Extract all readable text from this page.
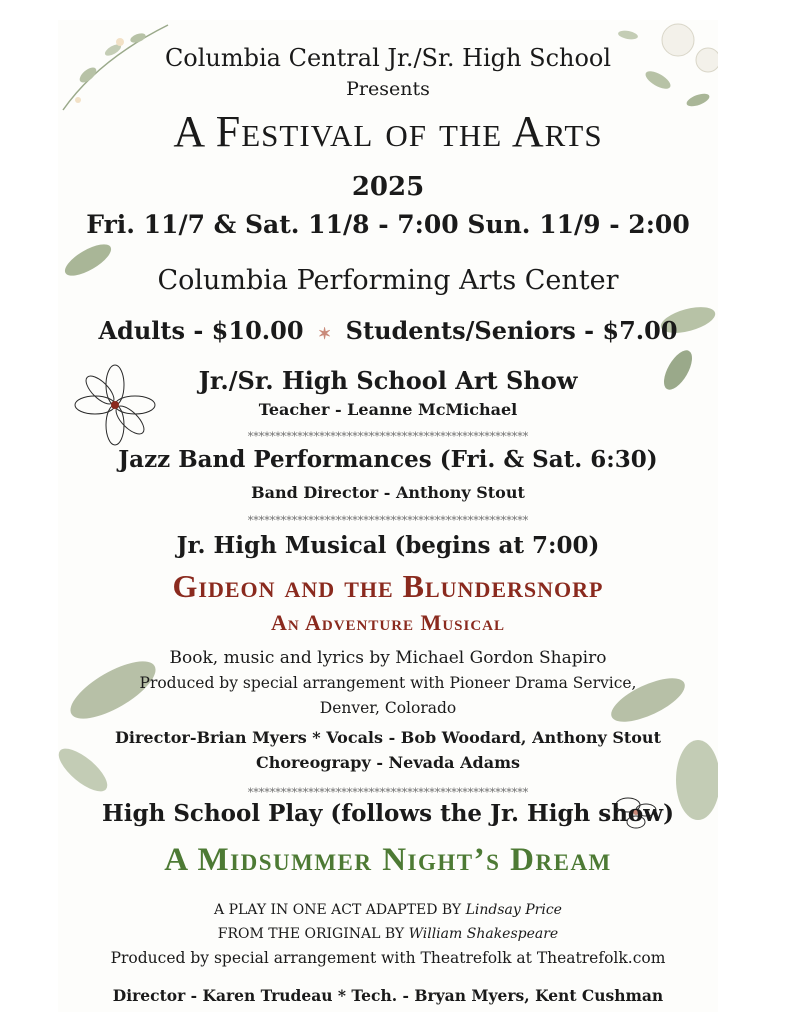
Columbia Central Jr./Sr. High School
Presents
A Festival of the Arts
2025
Fri. 11/7 & Sat. 11/8 - 7:00 Sun. 11/9 - 2:00
Columbia Performing Arts Center
Adults - $10.00 ✶ Students/Seniors - $7.00
Jr./Sr. High School Art Show
Teacher - Leanne McMichael
***************************************************
Jazz Band Performances (Fri. & Sat. 6:30)
Band Director - Anthony Stout
***************************************************
Jr. High Musical (begins at 7:00)
Gideon and the Blundersnorp
An Adventure Musical
Book, music and lyrics by Michael Gordon Shapiro
Produced by special arrangement with Pioneer Drama Service,
Denver, Colorado
Director-Brian Myers * Vocals - Bob Woodard, Anthony Stout
Choreograpy - Nevada Adams
***************************************************
High School Play (follows the Jr. High show)
A Midsummer Night’s Dream
A PLAY IN ONE ACT ADAPTED BY Lindsay Price
FROM THE ORIGINAL BY William Shakespeare
Produced by special arrangement with Theatrefolk at Theatrefolk.com
Director - Karen Trudeau * Tech. - Bryan Myers, Kent Cushman
